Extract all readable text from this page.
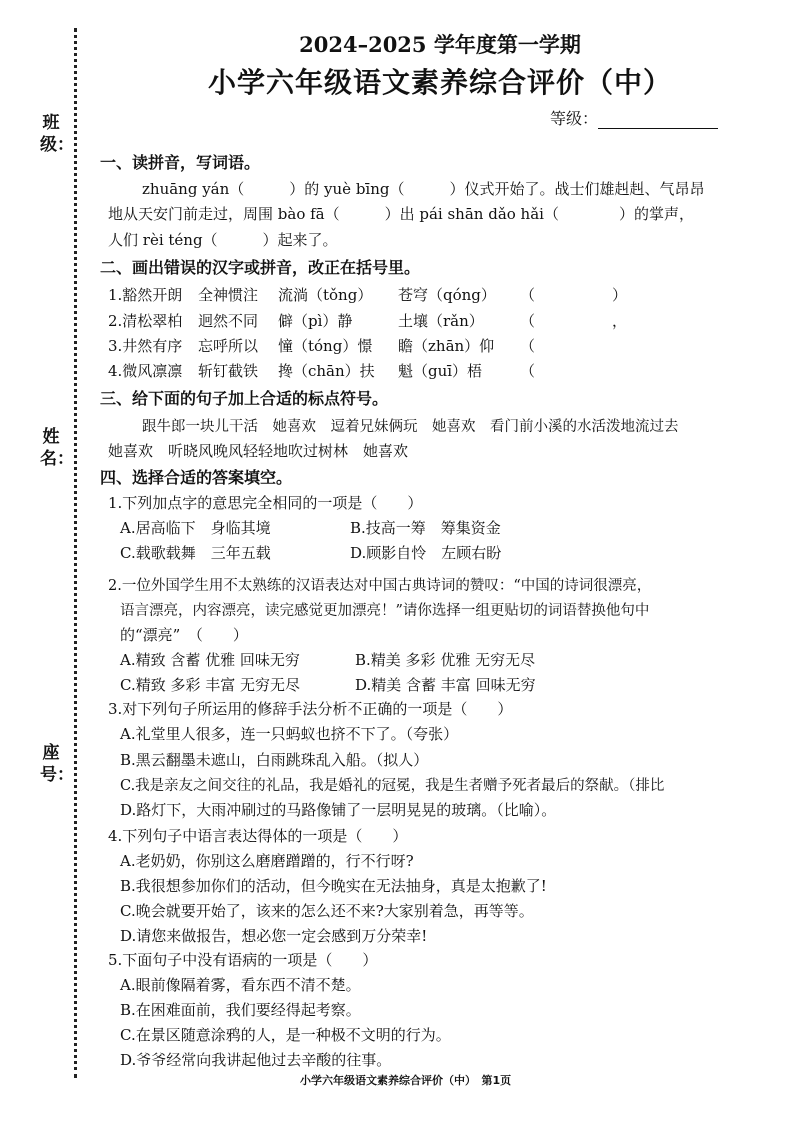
班级：
姓名：
座号：
2024–2025 学年度第一学期
小学六年级语文素养综合评价（中）
等级：
一、读拼音，写词语。
zhuāng yán（　　　）的 yuè bīng（　　　）仪式开始了。战士们雄赳赳、气昂昂
地从天安门前走过，周围 bào fā（　　　）出 pái shān dǎo hǎi（　　　　）的掌声，
人们 rèi téng（　　　）起来了。
二、画出错误的汉字或拼音，改正在括号里。
1.豁然开朗 全神惯注 流淌（tǒng） 苍穹（qóng） （	）
2.清松翠柏 迥然不同 僻（pì）静	土壤（rǎn） （	，
3.井然有序 忘呼所以 憧（tóng）憬 瞻（zhān）仰 （
4.微风凛凛 斩钉截铁 搀（chān）扶 魁（guī）梧	（
三、给下面的句子加上合适的标点符号。
跟牛郎一块儿干活　她喜欢　逗着兄妹俩玩　她喜欢　看门前小溪的水活泼地流过去
她喜欢　听晓风晚风轻轻地吹过树林　她喜欢
四、选择合适的答案填空。
1.下列加点字的意思完全相同的一项是（　　）
A.居高临下　身临其境	B.技高一筹　筹集资金
C.载歌载舞　三年五载	D.顾影自怜　左顾右盼
2.一位外国学生用不太熟练的汉语表达对中国古典诗词的赞叹：“中国的诗词很漂亮，
语言漂亮，内容漂亮，读完感觉更加漂亮！”请你选择一组更贴切的词语替换他句中
的“漂亮”　（　　）
A.精致 含蓄 优雅 回味无穷	B.精美 多彩 优雅 无穷无尽
C.精致 多彩 丰富 无穷无尽	D.精美 含蓄 丰富 回味无穷
3.对下列句子所运用的修辞手法分析不正确的一项是（　　）
A.礼堂里人很多，连一只蚂蚁也挤不下了。（夸张）
B.黑云翻墨未遮山，白雨跳珠乱入船。（拟人）
C.我是亲友之间交往的礼品，我是婚礼的冠冕，我是生者赠予死者最后的祭献。（排比
D.路灯下，大雨冲刷过的马路像铺了一层明晃晃的玻璃。（比喻）。
4.下列句子中语言表达得体的一项是（　　）
A.老奶奶，你别这么磨磨蹭蹭的，行不行呀?
B.我很想参加你们的活动，但今晚实在无法抽身，真是太抱歉了!
C.晚会就要开始了，该来的怎么还不来?大家别着急，再等等。
D.请您来做报告，想必您一定会感到万分荣幸!
5.下面句子中没有语病的一项是（　　）
A.眼前像隔着雾，看东西不清不楚。
B.在困难面前，我们要经得起考察。
C.在景区随意涂鸦的人，是一种极不文明的行为。
D.爷爷经常向我讲起他过去辛酸的往事。
小学六年级语文素养综合评价（中）　第1页
